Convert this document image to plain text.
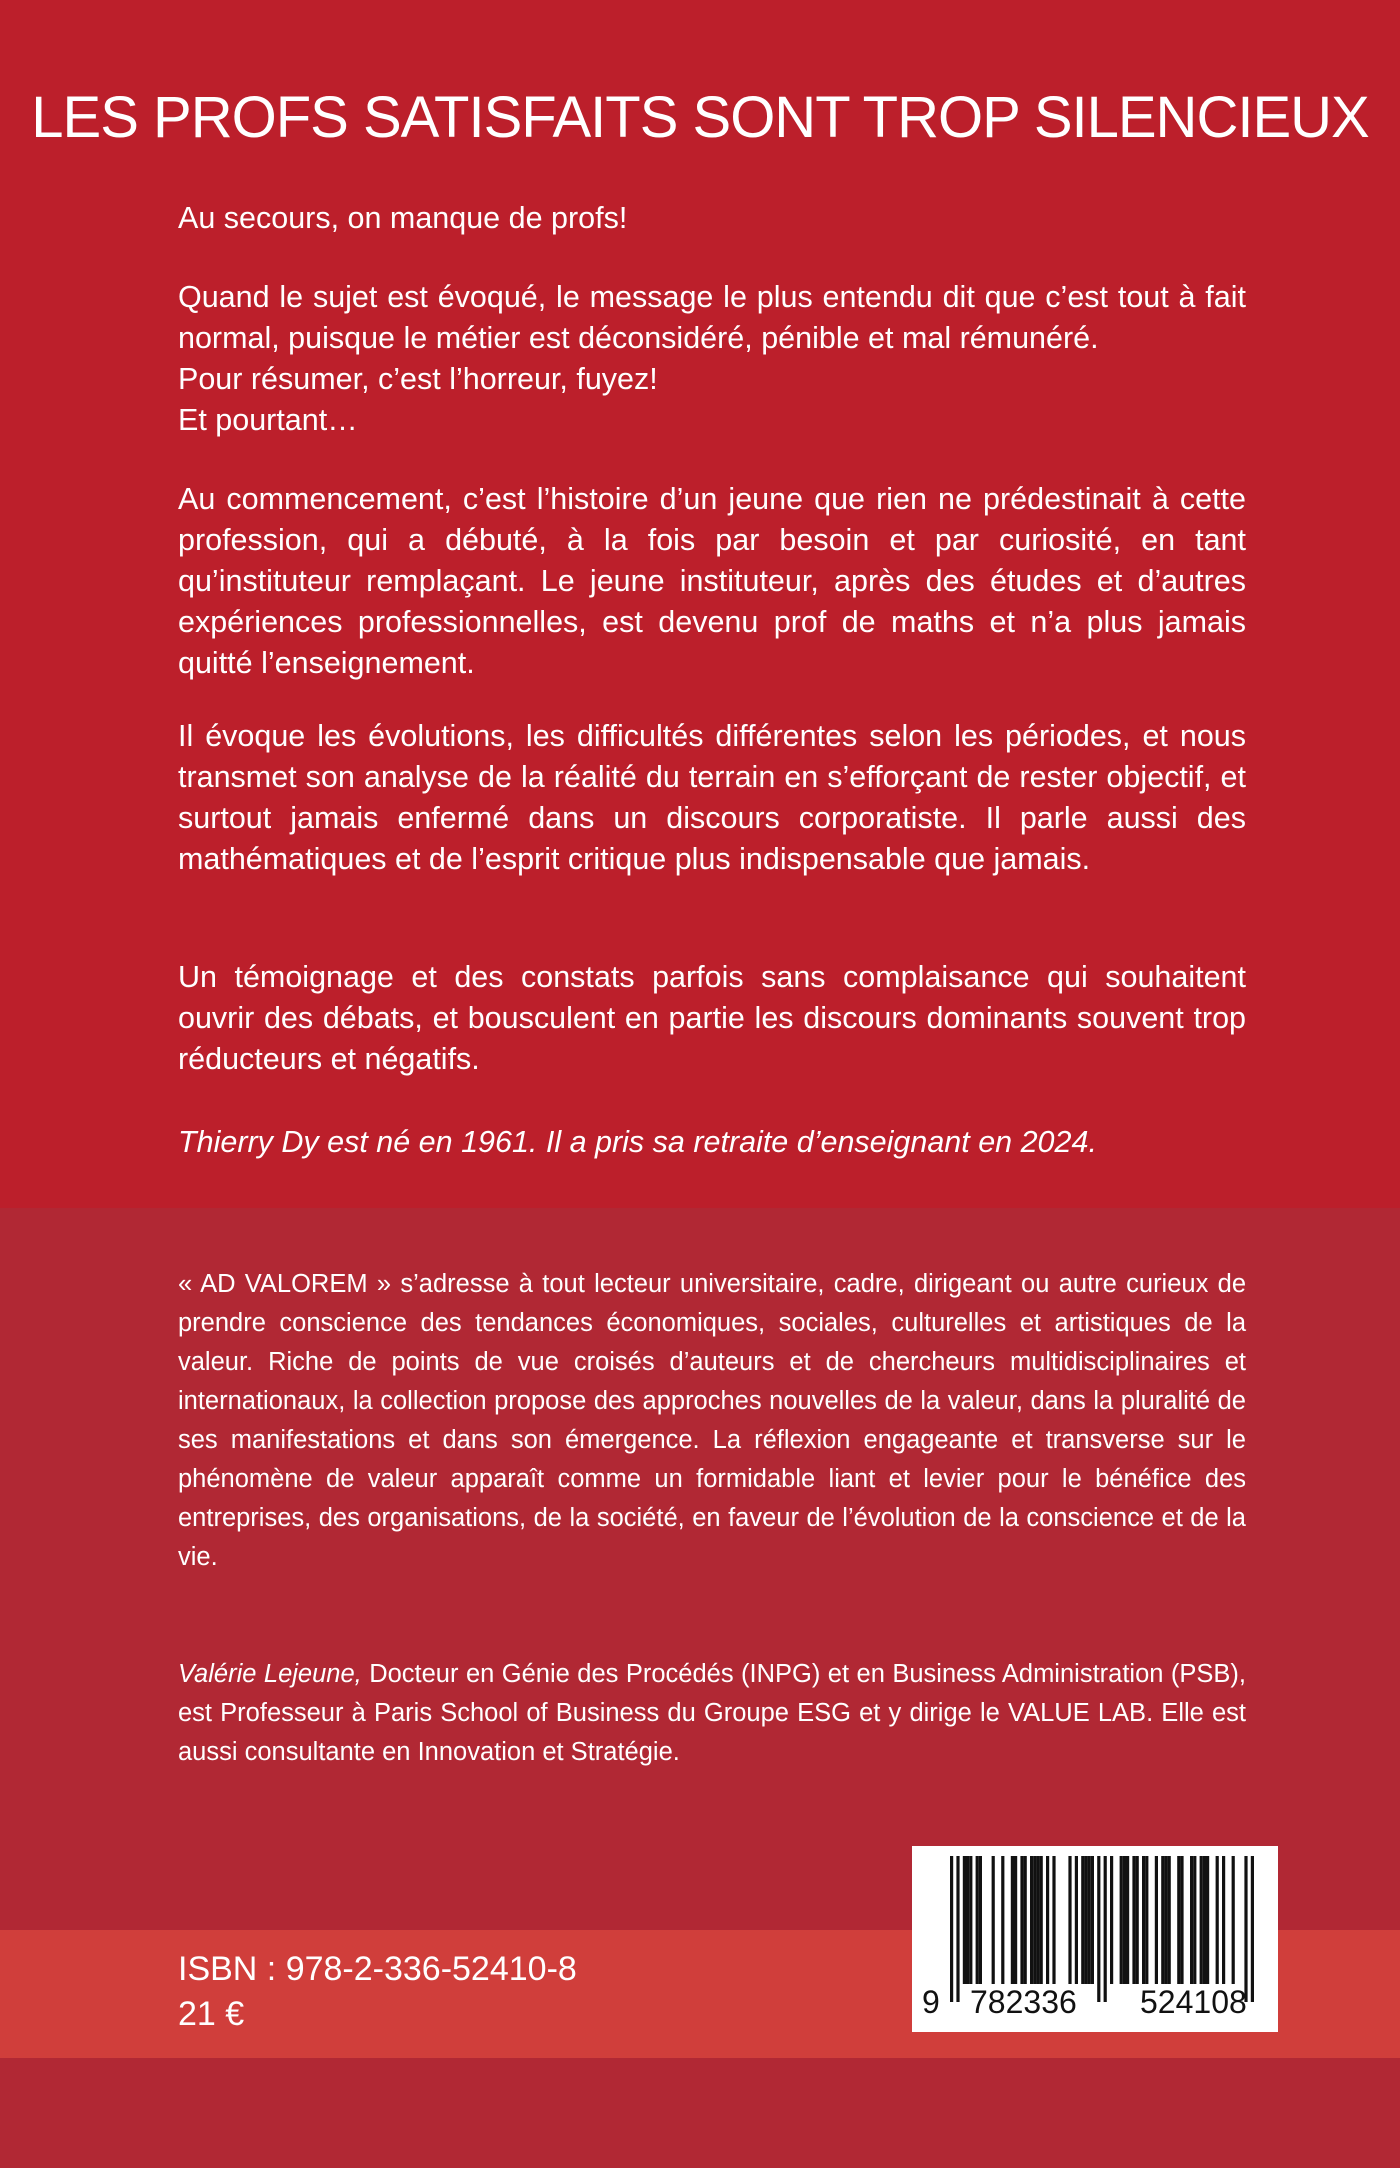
LES PROFS SATISFAITS SONT TROP SILENCIEUX

Au secours, on manque de profs!

Quand le sujet est évoqué, le message le plus entendu dit que c’est tout à fait normal, puisque le métier est déconsidéré, pénible et mal rémunéré.

Pour résumer, c’est l’horreur, fuyez!

Et pourtant…

Au commencement, c’est l’histoire d’un jeune que rien ne prédestinait à cette profession, qui a débuté, à la fois par besoin et par curiosité, en tant qu’instituteur remplaçant. Le jeune instituteur, après des études et d’autres expériences professionnelles, est devenu prof de maths et n’a plus jamais quitté l’enseignement.

Il évoque les évolutions, les difficultés différentes selon les périodes, et nous transmet son analyse de la réalité du terrain en s’efforçant de rester objectif, et surtout jamais enfermé dans un discours corporatiste. Il parle aussi des mathématiques et de l’esprit critique plus indispensable que jamais.

Un témoignage et des constats parfois sans complaisance qui souhaitent ouvrir des débats, et bousculent en partie les discours dominants souvent trop réducteurs et négatifs.

Thierry Dy est né en 1961. Il a pris sa retraite d’enseignant en 2024.

« AD VALOREM » s’adresse à tout lecteur universitaire, cadre, dirigeant ou autre curieux de prendre conscience des tendances économiques, sociales, culturelles et artistiques de la valeur. Riche de points de vue croisés d’auteurs et de chercheurs multidisciplinaires et internationaux, la collection propose des approches nouvelles de la valeur, dans la pluralité de ses manifestations et dans son émergence. La réflexion engageante et transverse sur le phénomène de valeur apparaît comme un formidable liant et levier pour le bénéfice des entreprises, des organisations, de la société, en faveur de l’évolution de la conscience et de la vie.

Valérie Lejeune, Docteur en Génie des Procédés (INPG) et en Business Administration (PSB), est Professeur à Paris School of Business du Groupe ESG et y dirige le VALUE LAB. Elle est aussi consultante en Innovation et Stratégie.

ISBN : 978-2-336-52410-8
21 €	9 782336 524108
